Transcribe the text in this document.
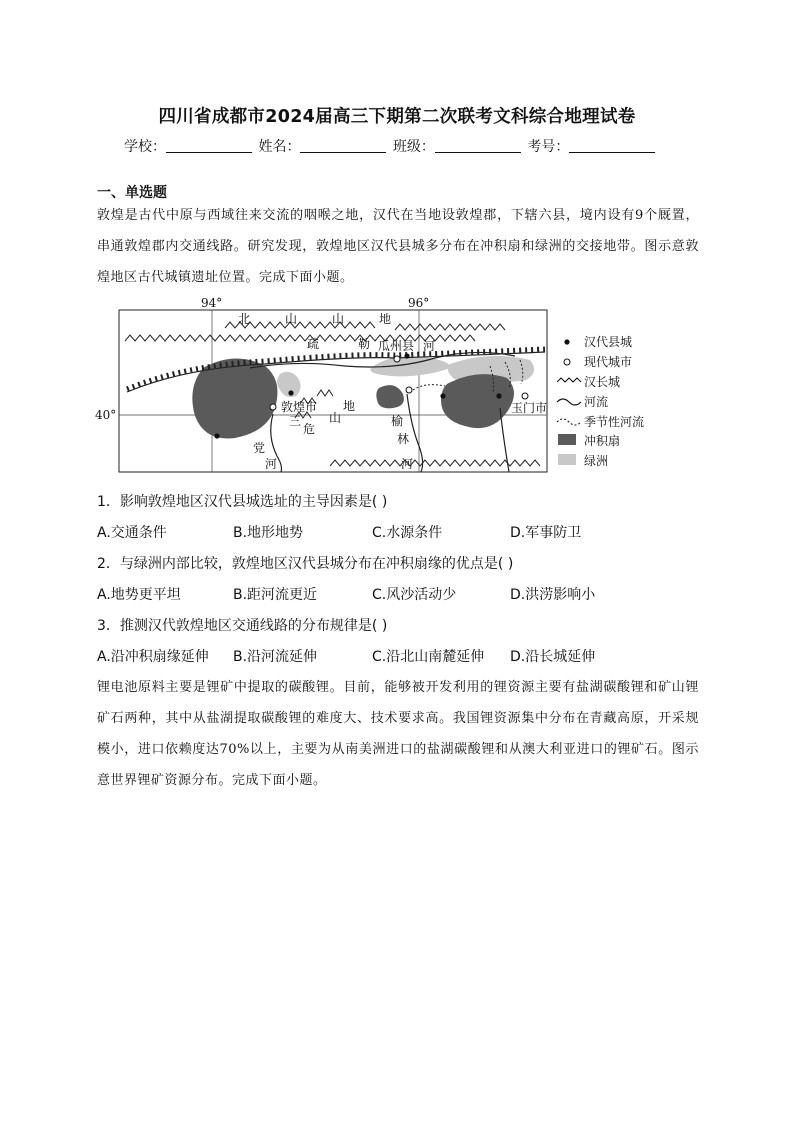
四川省成都市2024届高三下期第二次联考文科综合地理试卷
学校：	姓名：	班级：	考号：
一、单选题

敦煌是古代中原与西域往来交流的咽喉之地，汉代在当地设敦煌郡，下辖六县，境内设有9个厩置，串通敦煌郡内交通线路。研究发现，敦煌地区汉代县城多分布在冲积扇和绿洲的交接地带。图示意敦煌地区古代城镇遗址位置。完成下面小题。

94°	96°
40°
北	山	山	地
疏	勒 瓜州县 河
敦煌市 地
山
三
危
党
河
榆
林
河
玉门市
汉代县城
现代城市
汉长城
河流
季节性河流
冲积扇
绿洲
1．影响敦煌地区汉代县城选址的主导因素是( )
A.交通条件	B.地形地势	C.水源条件	D.军事防卫
2．与绿洲内部比较，敦煌地区汉代县城分布在冲积扇缘的优点是( )
A.地势更平坦	B.距河流更近	C.风沙活动少	D.洪涝影响小
3．推测汉代敦煌地区交通线路的分布规律是( )
A.沿冲积扇缘延伸 B.沿河流延伸	C.沿北山南麓延伸 D.沿长城延伸

锂电池原料主要是锂矿中提取的碳酸锂。目前，能够被开发利用的锂资源主要有盐湖碳酸锂和矿山锂矿石两种，其中从盐湖提取碳酸锂的难度大、技术要求高。我国锂资源集中分布在青藏高原，开采规模小，进口依赖度达70%以上，主要为从南美洲进口的盐湖碳酸锂和从澳大利亚进口的锂矿石。图示意世界锂矿资源分布。完成下面小题。
